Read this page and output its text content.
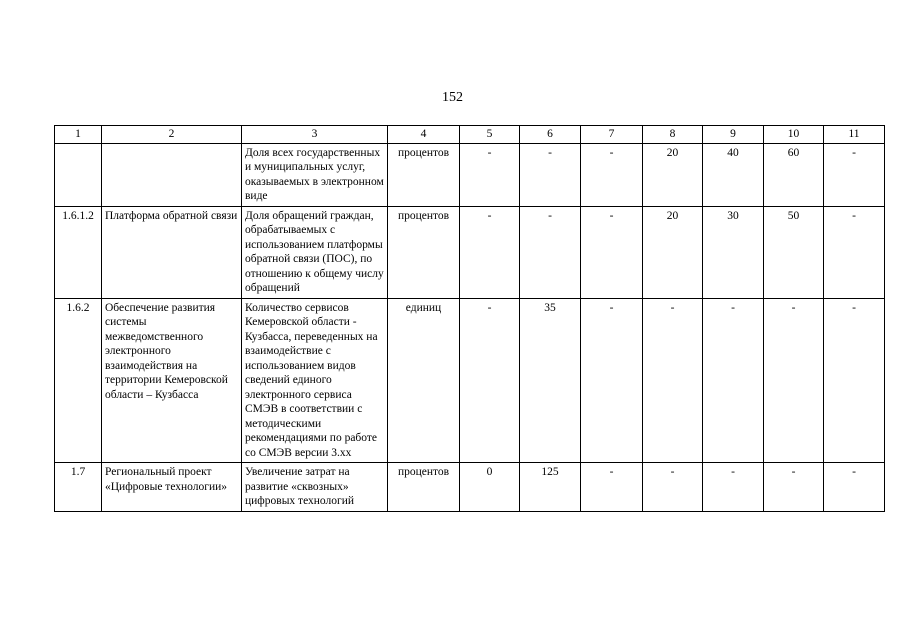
152
1	2	3	4	5	6	7	8	9	10	11
		Доля всех государственных и муниципальных услуг, оказываемых в электронном виде	процентов	-	-	-	20	40	60	-
1.6.1.2	Платформа обратной связи	Доля обращений граждан, обрабатываемых с использованием платформы обратной связи (ПОС), по отношению к общему числу обращений	процентов	-	-	-	20	30	50	-
1.6.2	Обеспечение развития системы межведомственного электронного взаимодействия на территории Кемеровской области – Кузбасса	Количество сервисов Кемеровской области - Кузбасса, переведенных на взаимодействие с использованием видов сведений единого электронного сервиса СМЭВ в соответствии с методическими рекомендациями по работе со СМЭВ версии 3.хх	единиц	-	35	-	-	-	-	-
1.7	Региональный проект «Цифровые технологии»	Увеличение затрат на развитие «сквозных» цифровых технологий	процентов	0	125	-	-	-	-	-
